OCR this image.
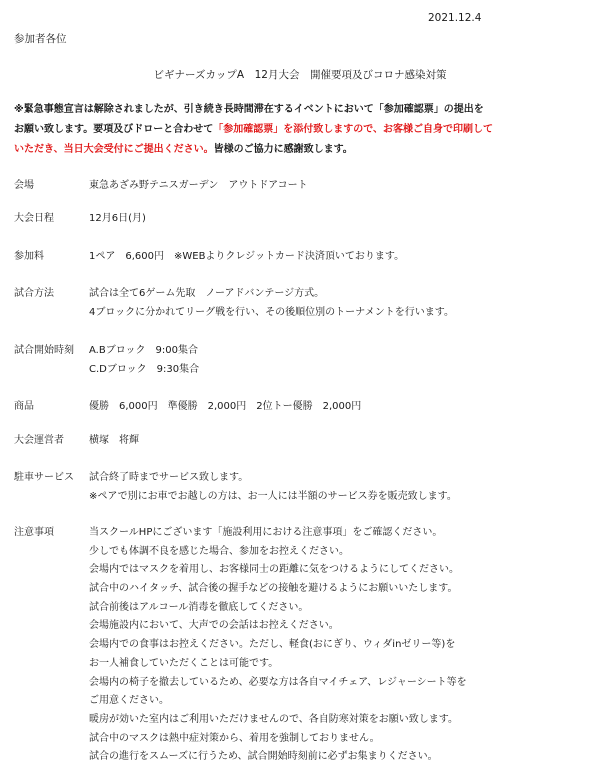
2021.12.4
参加者各位
ビギナーズカップA　12月大会　開催要項及びコロナ感染対策

※緊急事態宣言は解除されましたが、引き続き長時間滞在するイベントにおいて「参加確認票」の提出を

お願い致します。要項及びドローと合わせて「参加確認票」を添付致しますので、お客様ご自身で印刷して

いただき、当日大会受付にご提出ください。皆様のご協力に感謝致します。

会場	東急あざみ野テニスガーデン　アウトドアコート

大会日程	12月6日(月)

参加料	1ペア　6,600円　※WEBよりクレジットカード決済頂いております。

試合方法	試合は全て6ゲーム先取　ノーアドバンテージ方式。

4ブロックに分かれてリーグ戦を行い、その後順位別のトーナメントを行います。

試合開始時刻 A.Bブロック　9:00集合

C.Dブロック　9:30集合

商品	優勝　6,000円　準優勝　2,000円　2位トー優勝　2,000円

大会運営者	横塚　将輝

駐車サービス 試合終了時までサービス致します。

※ペアで別にお車でお越しの方は、お一人には半額のサービス券を販売致します。

注意事項	当スクールHPにございます「施設利用における注意事項」をご確認ください。

少しでも体調不良を感じた場合、参加をお控えください。

会場内ではマスクを着用し、お客様同士の距離に気をつけるようにしてください。

試合中のハイタッチ、試合後の握手などの接触を避けるようにお願いいたします。

試合前後はアルコール消毒を徹底してください。

会場施設内において、大声での会話はお控えください。

会場内での食事はお控えください。ただし、軽食(おにぎり、ウィダinゼリー等)を

お一人補食していただくことは可能です。

会場内の椅子を撤去しているため、必要な方は各自マイチェア、レジャーシート等を

ご用意ください。

暖房が効いた室内はご利用いただけませんので、各自防寒対策をお願い致します。

試合中のマスクは熱中症対策から、着用を強制しておりません。

試合の進行をスムーズに行うため、試合開始時刻前に必ずお集まりください。
